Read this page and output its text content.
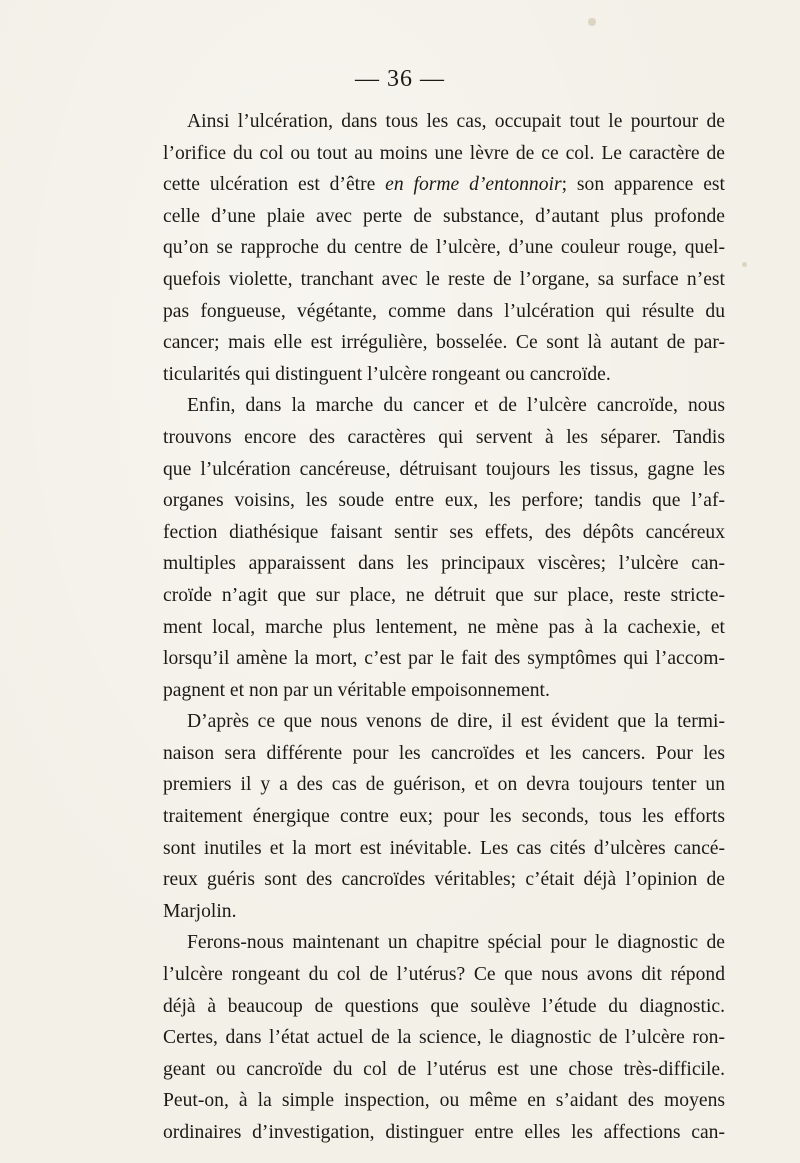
— 36 —
Ainsi l’ulcération, dans tous les cas, occupait tout le pourtour de
l’orifice du col ou tout au moins une lèvre de ce col. Le caractère de
cette ulcération est d’être en forme d’entonnoir; son apparence est
celle d’une plaie avec perte de substance, d’autant plus profonde
qu’on se rapproche du centre de l’ulcère, d’une couleur rouge, quel-
quefois violette, tranchant avec le reste de l’organe, sa surface n’est
pas fongueuse, végétante, comme dans l’ulcération qui résulte du
cancer; mais elle est irrégulière, bosselée. Ce sont là autant de par-
ticularités qui distinguent l’ulcère rongeant ou cancroïde.
Enfin, dans la marche du cancer et de l’ulcère cancroïde, nous
trouvons encore des caractères qui servent à les séparer. Tandis
que l’ulcération cancéreuse, détruisant toujours les tissus, gagne les
organes voisins, les soude entre eux, les perfore; tandis que l’af-
fection diathésique faisant sentir ses effets, des dépôts cancéreux
multiples apparaissent dans les principaux viscères; l’ulcère can-
croïde n’agit que sur place, ne détruit que sur place, reste stricte-
ment local, marche plus lentement, ne mène pas à la cachexie, et
lorsqu’il amène la mort, c’est par le fait des symptômes qui l’accom-
pagnent et non par un véritable empoisonnement.
D’après ce que nous venons de dire, il est évident que la termi-
naison sera différente pour les cancroïdes et les cancers. Pour les
premiers il y a des cas de guérison, et on devra toujours tenter un
traitement énergique contre eux; pour les seconds, tous les efforts
sont inutiles et la mort est inévitable. Les cas cités d’ulcères cancé-
reux guéris sont des cancroïdes véritables; c’était déjà l’opinion de
Marjolin.
Ferons-nous maintenant un chapitre spécial pour le diagnostic de
l’ulcère rongeant du col de l’utérus? Ce que nous avons dit répond
déjà à beaucoup de questions que soulève l’étude du diagnostic.
Certes, dans l’état actuel de la science, le diagnostic de l’ulcère ron-
geant ou cancroïde du col de l’utérus est une chose très-difficile.
Peut-on, à la simple inspection, ou même en s’aidant des moyens
ordinaires d’investigation, distinguer entre elles les affections can-
